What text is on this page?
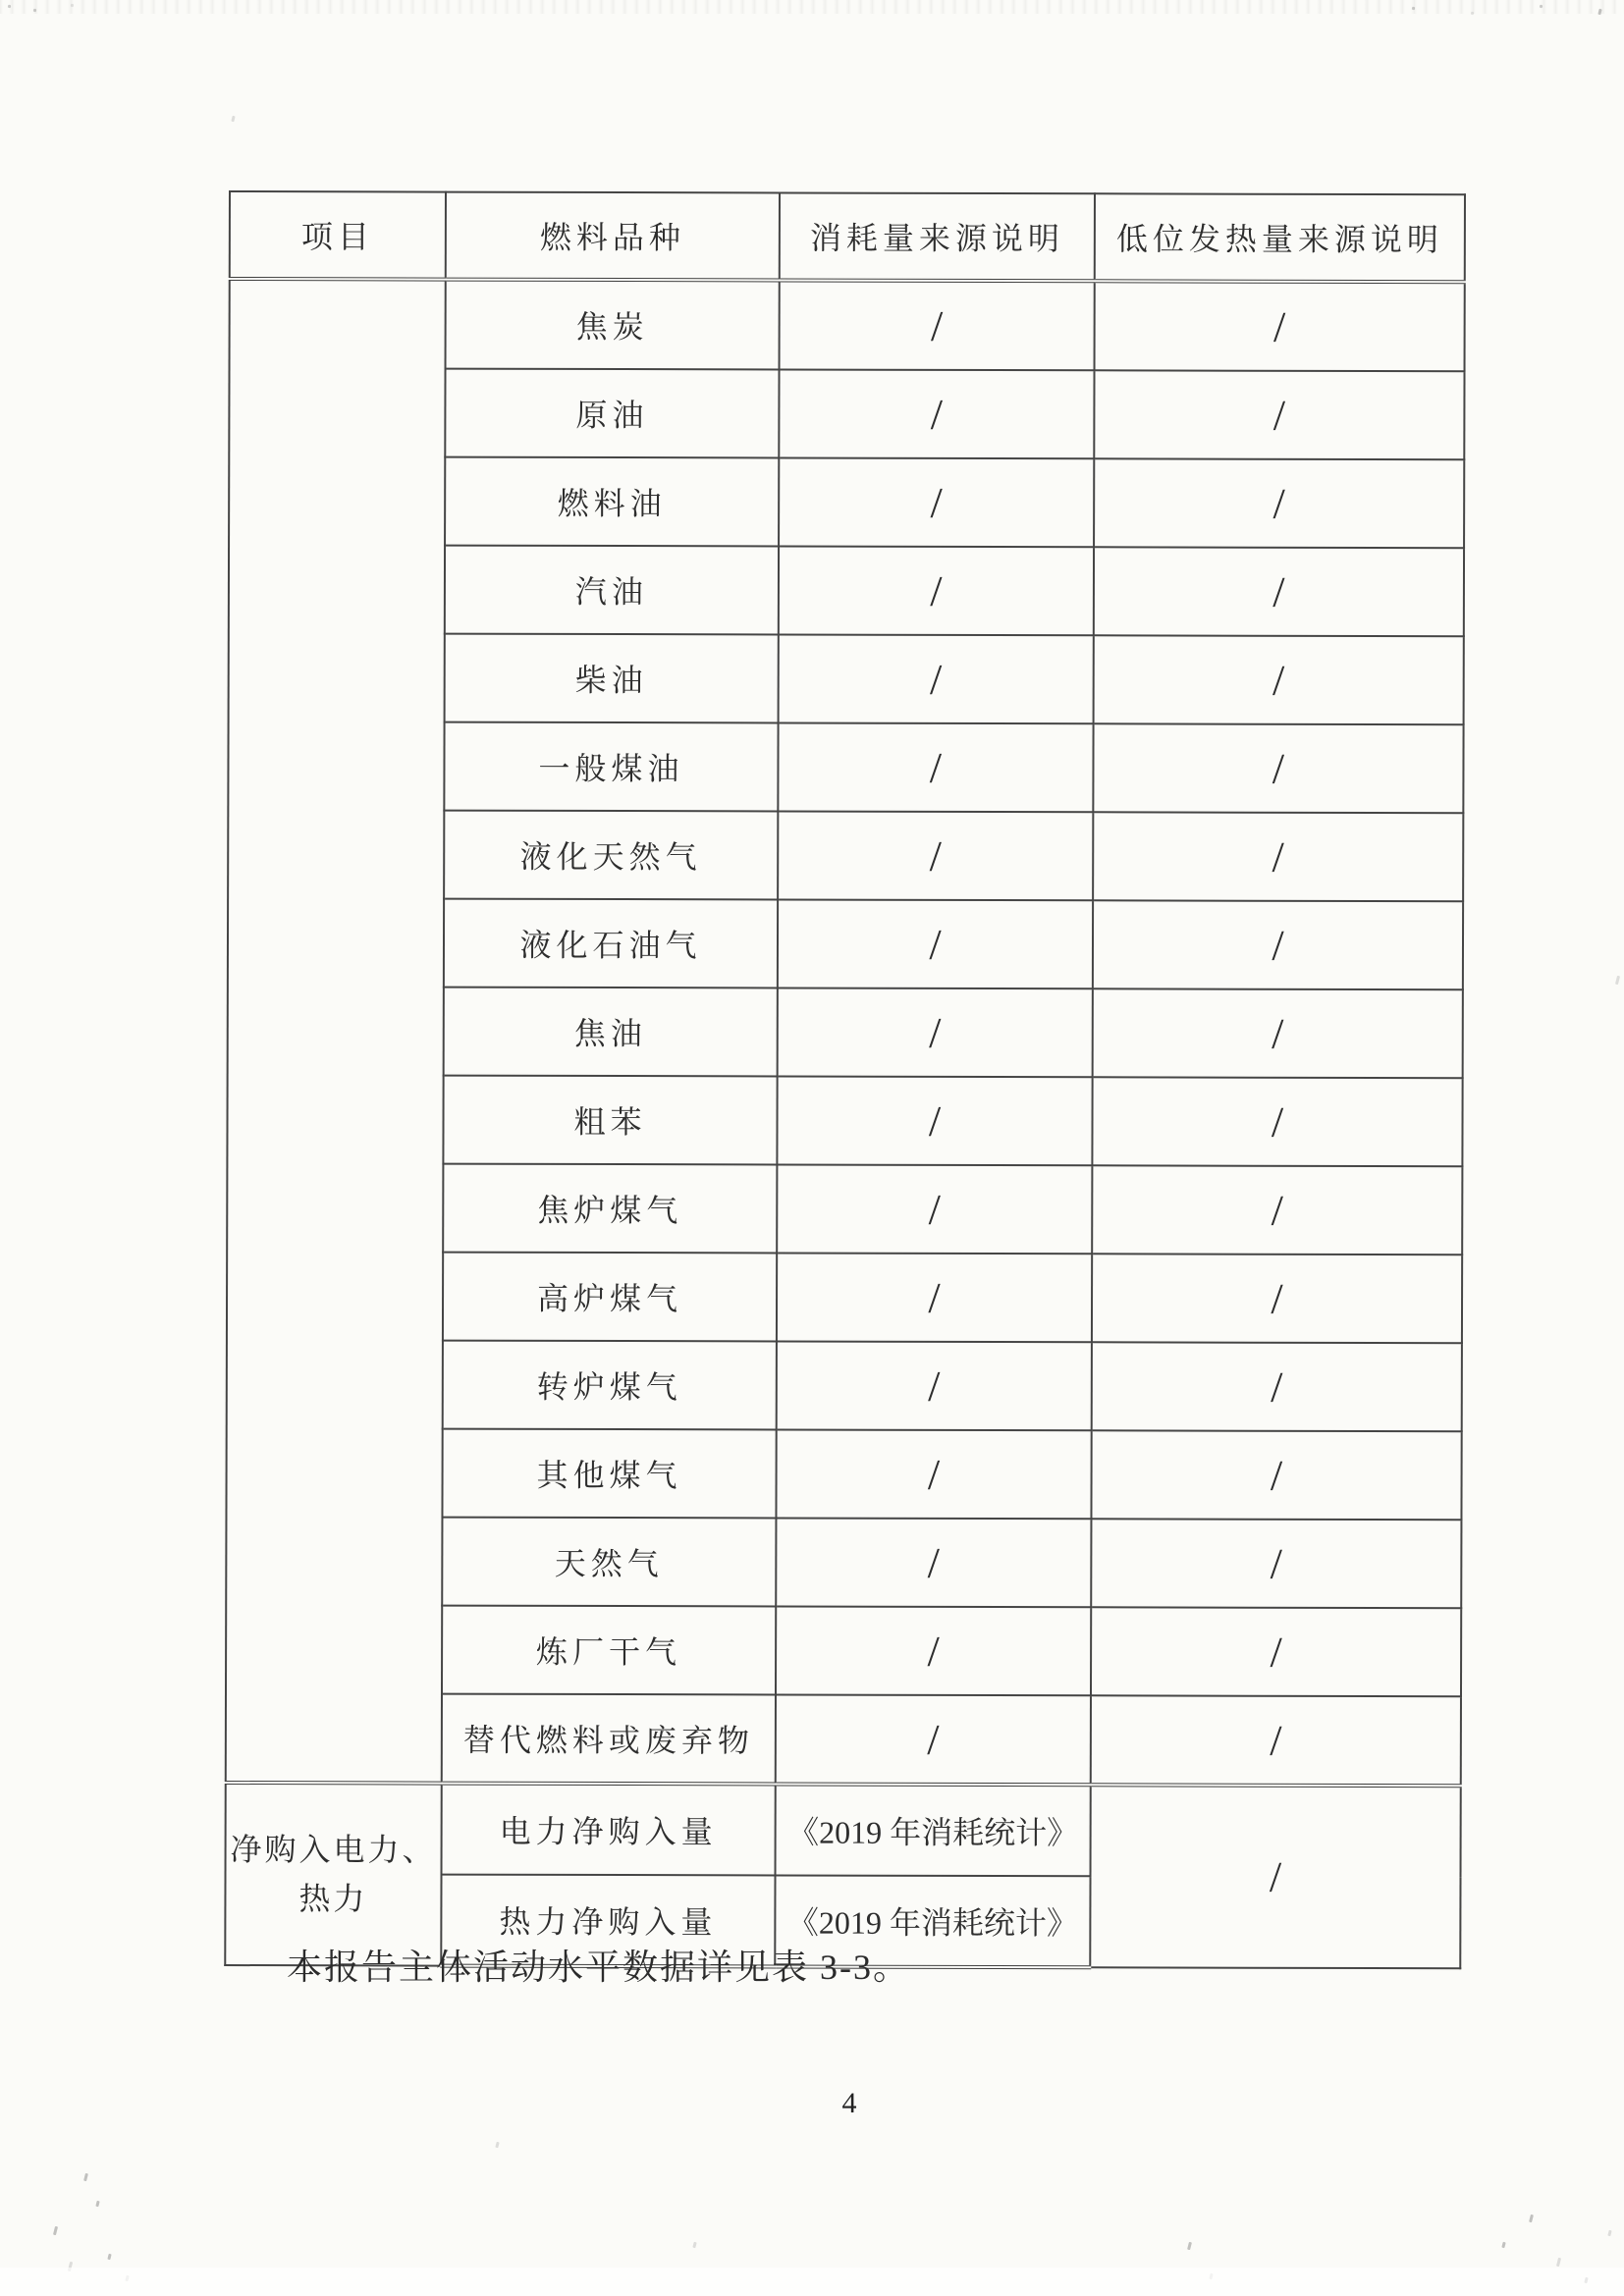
项目	燃料品种	消耗量来源说明	低位发热量来源说明
	焦炭	/	/
	原油	/	/
	燃料油	/	/
	汽油	/	/
	柴油	/	/
	一般煤油	/	/
	液化天然气	/	/
	液化石油气	/	/
	焦油	/	/
	粗苯	/	/
	焦炉煤气	/	/
	高炉煤气	/	/
	转炉煤气	/	/
	其他煤气	/	/
	天然气	/	/
	炼厂干气	/	/
	替代燃料或废弃物	/	/
净购入电力、热力	电力净购入量	《2019 年消耗统计》	/
	热力净购入量	《2019 年消耗统计》	
本报告主体活动水平数据详见表 3-3。
4
